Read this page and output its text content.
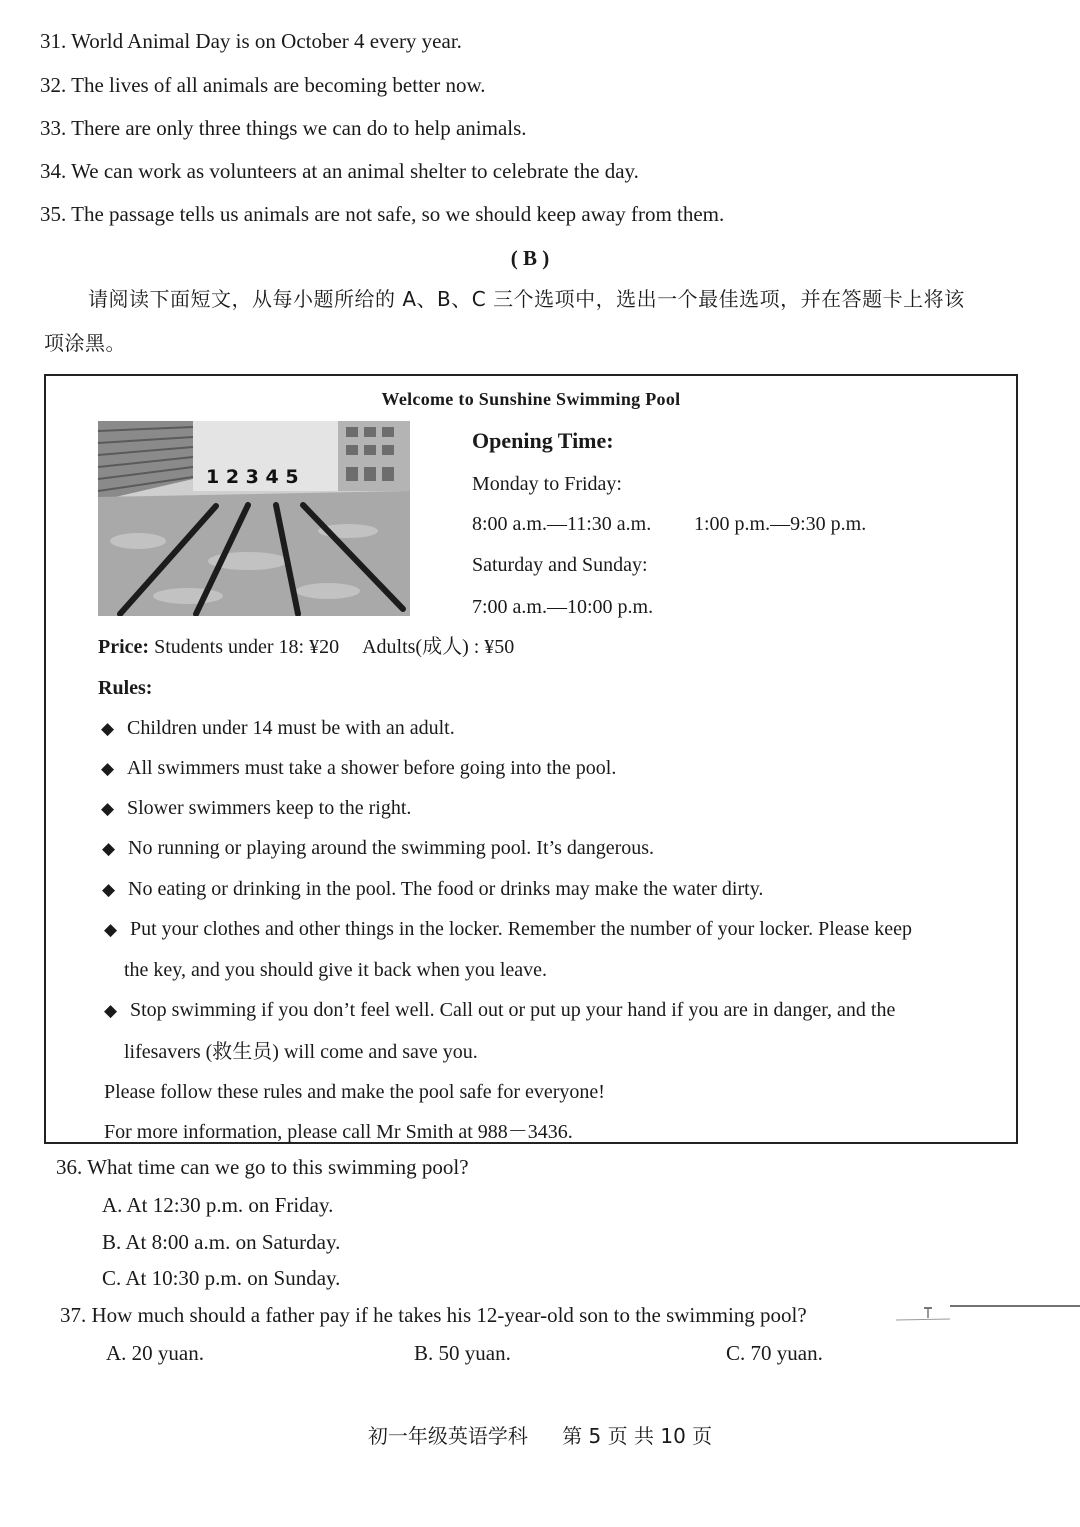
31. World Animal Day is on October 4 every year.
32. The lives of all animals are becoming better now.
33. There are only three things we can do to help animals.
34. We can work as volunteers at an animal shelter to celebrate the day.
35. The passage tells us animals are not safe, so we should keep away from them.
( B )
请阅读下面短文，从每小题所给的 A、B、C 三个选项中，选出一个最佳选项，并在答题卡上将该
项涂黑。
Welcome to Sunshine Swimming Pool
1 2 3 4 5
Opening Time:
Monday to Friday:
8:00 a.m.—11:30 a.m. 1:00 p.m.—9:30 p.m.
Saturday and Sunday:
7:00 a.m.—10:00 p.m.
Price: Students under 18: ¥20 Adults(成人) : ¥50
Rules:
◆ Children under 14 must be with an adult.
◆ All swimmers must take a shower before going into the pool.
◆ Slower swimmers keep to the right.
◆ No running or playing around the swimming pool. It’s dangerous.
◆ No eating or drinking in the pool. The food or drinks may make the water dirty.
◆ Put your clothes and other things in the locker. Remember the number of your locker. Please keep
the key, and you should give it back when you leave.
◆ Stop swimming if you don’t feel well. Call out or put up your hand if you are in danger, and the
lifesavers (救生员) will come and save you.
Please follow these rules and make the pool safe for everyone!
For more information, please call Mr Smith at 988－3436.
36. What time can we go to this swimming pool?
A. At 12:30 p.m. on Friday.
B. At 8:00 a.m. on Saturday.
C. At 10:30 p.m. on Sunday.
37. How much should a father pay if he takes his 12-year-old son to the swimming pool?
A. 20 yuan.	B. 50 yuan.	C. 70 yuan.
初一年级英语学科 第 5 页 共 10 页
